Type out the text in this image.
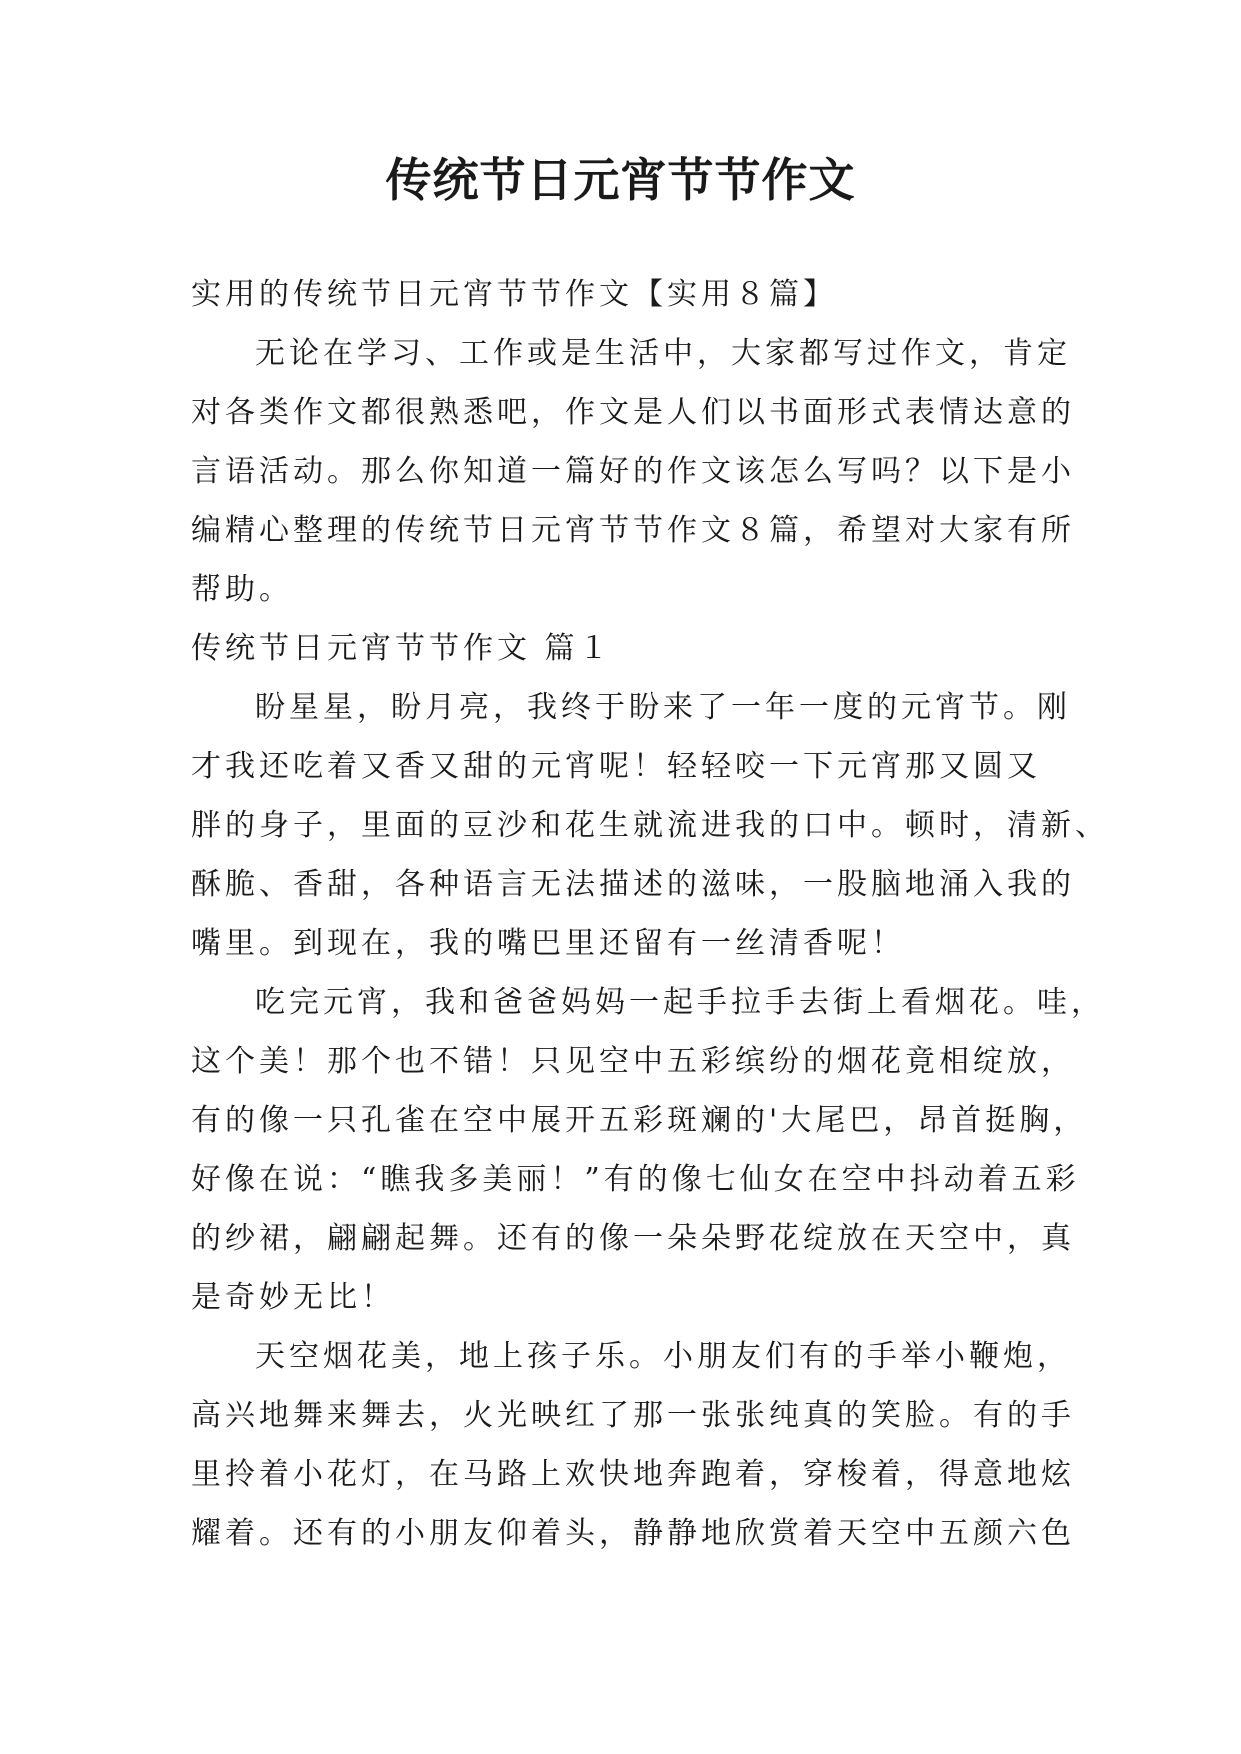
传统节日元宵节节作文
实用的传统节日元宵节节作文【实用８篇】
无论在学习、工作或是生活中，大家都写过作文，肯定
对各类作文都很熟悉吧，作文是人们以书面形式表情达意的
言语活动。那么你知道一篇好的作文该怎么写吗？以下是小
编精心整理的传统节日元宵节节作文８篇，希望对大家有所
帮助。
传统节日元宵节节作文 篇１
盼星星，盼月亮，我终于盼来了一年一度的元宵节。刚
才我还吃着又香又甜的元宵呢！轻轻咬一下元宵那又圆又
胖的身子，里面的豆沙和花生就流进我的口中。顿时，清新、
酥脆、香甜，各种语言无法描述的滋味，一股脑地涌入我的
嘴里。到现在，我的嘴巴里还留有一丝清香呢！
吃完元宵，我和爸爸妈妈一起手拉手去街上看烟花。哇，
这个美！那个也不错！只见空中五彩缤纷的烟花竟相绽放，
有的像一只孔雀在空中展开五彩斑斓的'大尾巴，昂首挺胸，
好像在说：“瞧我多美丽！”有的像七仙女在空中抖动着五彩
的纱裙，翩翩起舞。还有的像一朵朵野花绽放在天空中，真
是奇妙无比！
天空烟花美，地上孩子乐。小朋友们有的手举小鞭炮，
高兴地舞来舞去，火光映红了那一张张纯真的笑脸。有的手
里拎着小花灯，在马路上欢快地奔跑着，穿梭着，得意地炫
耀着。还有的小朋友仰着头，静静地欣赏着天空中五颜六色
